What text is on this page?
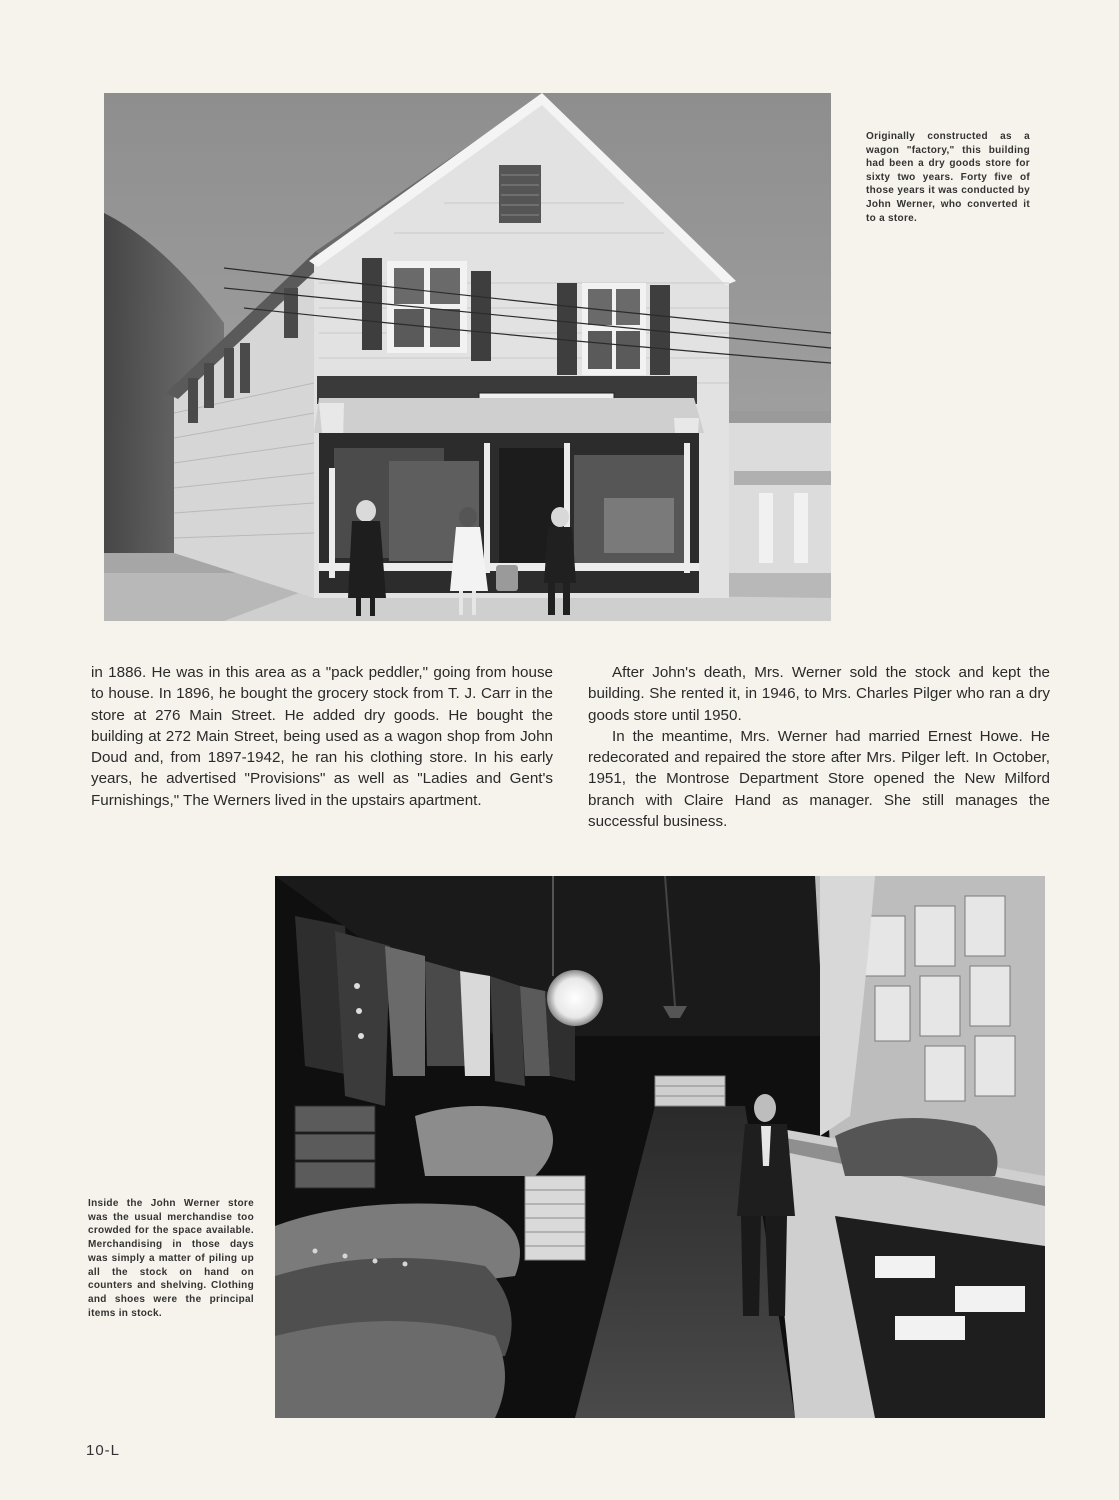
Originally constructed as a wagon "factory," this building had been a dry goods store for sixty two years. Forty five of those years it was conducted by John Werner, who converted it to a store.

in 1886. He was in this area as a "pack peddler," going from house to house. In 1896, he bought the grocery stock from T. J. Carr in the store at 276 Main Street. He added dry goods. He bought the building at 272 Main Street, being used as a wagon shop from John Doud and, from 1897-1942, he ran his clothing store. In his early years, he advertised "Provisions" as well as "Ladies and Gent's Furnishings," The Werners lived in the upstairs apartment.

After John's death, Mrs. Werner sold the stock and kept the building. She rented it, in 1946, to Mrs. Charles Pilger who ran a dry goods store until 1950.

In the meantime, Mrs. Werner had married Ernest Howe. He redecorated and repaired the store after Mrs. Pilger left. In October, 1951, the Montrose Department Store opened the New Milford branch with Claire Hand as manager. She still manages the successful business.

Inside the John Werner store was the usual merchandise too crowded for the space available. Merchandising in those days was simply a matter of piling up all the stock on hand on counters and shelving. Clothing and shoes were the principal items in stock.
10-L
